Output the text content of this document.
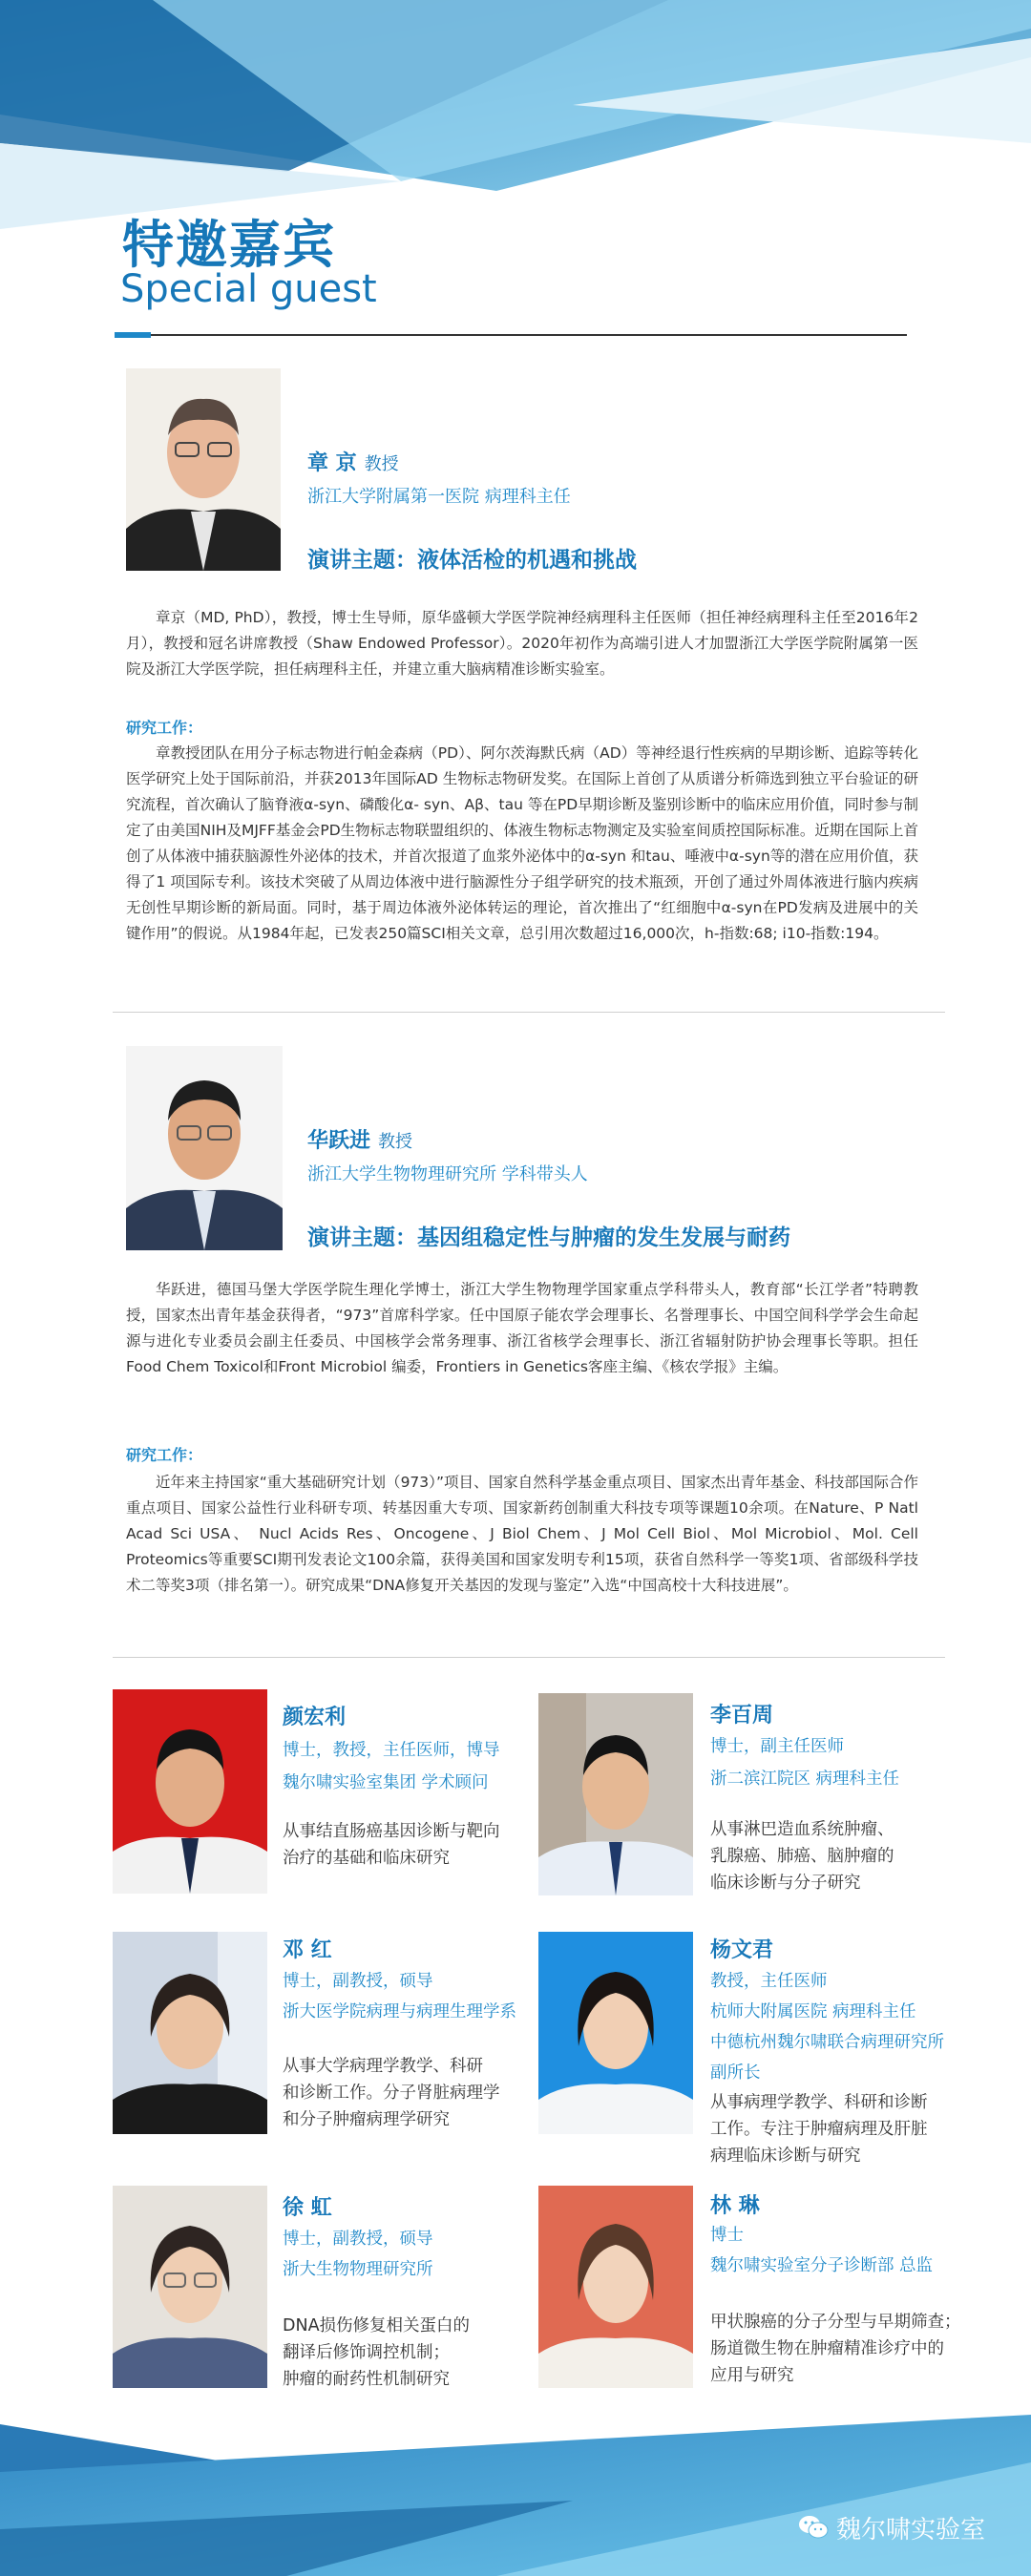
特邀嘉宾
Special guest
章 京 教授
浙江大学附属第一医院 病理科主任
演讲主题：液体活检的机遇和挑战
章京（MD, PhD），教授，博士生导师，原华盛顿大学医学院神经病理科主任医师（担任神经病理科主任至2016年2月），教授和冠名讲席教授（Shaw Endowed Professor）。2020年初作为高端引进人才加盟浙江大学医学院附属第一医院及浙江大学医学院，担任病理科主任，并建立重大脑病精准诊断实验室。
研究工作：
章教授团队在用分子标志物进行帕金森病（PD）、阿尔茨海默氏病（AD）等神经退行性疾病的早期诊断、追踪等转化医学研究上处于国际前沿，并获2013年国际AD 生物标志物研发奖。在国际上首创了从质谱分析筛选到独立平台验证的研究流程，首次确认了脑脊液α-syn、磷酸化α- syn、Aβ、tau 等在PD早期诊断及鉴别诊断中的临床应用价值，同时参与制定了由美国NIH及MJFF基金会PD生物标志物联盟组织的、体液生物标志物测定及实验室间质控国际标准。近期在国际上首创了从体液中捕获脑源性外泌体的技术，并首次报道了血浆外泌体中的α-syn 和tau、唾液中α-syn等的潜在应用价值，获得了1 项国际专利。该技术突破了从周边体液中进行脑源性分子组学研究的技术瓶颈，开创了通过外周体液进行脑内疾病无创性早期诊断的新局面。同时，基于周边体液外泌体转运的理论，首次推出了“红细胞中α-syn在PD发病及进展中的关键作用”的假说。从1984年起，已发表250篇SCI相关文章，总引用次数超过16,000次，h-指数:68; i10-指数:194。
华跃进 教授
浙江大学生物物理研究所 学科带头人
演讲主题：基因组稳定性与肿瘤的发生发展与耐药
华跃进，德国马堡大学医学院生理化学博士，浙江大学生物物理学国家重点学科带头人，教育部“长江学者”特聘教授，国家杰出青年基金获得者，“973”首席科学家。任中国原子能农学会理事长、名誉理事长、中国空间科学学会生命起源与进化专业委员会副主任委员、中国核学会常务理事、浙江省核学会理事长、浙江省辐射防护协会理事长等职。担任Food Chem Toxicol和Front Microbiol 编委，Frontiers in Genetics客座主编、《核农学报》主编。
研究工作：
近年来主持国家“重大基础研究计划（973）”项目、国家自然科学基金重点项目、国家杰出青年基金、科技部国际合作重点项目、国家公益性行业科研专项、转基因重大专项、国家新药创制重大科技专项等课题10余项。在Nature、P Natl Acad Sci USA、 Nucl Acids Res、Oncogene、J Biol Chem、J Mol Cell Biol、Mol Microbiol、Mol. Cell Proteomics等重要SCI期刊发表论文100余篇，获得美国和国家发明专利15项，获省自然科学一等奖1项、省部级科学技术二等奖3项（排名第一）。研究成果“DNA修复开关基因的发现与鉴定”入选“中国高校十大科技进展”。
颜宏利
博士，教授，主任医师，博导
魏尔啸实验室集团 学术顾问
从事结直肠癌基因诊断与靶向
治疗的基础和临床研究
李百周
博士，副主任医师
浙二滨江院区 病理科主任
从事淋巴造血系统肿瘤、
乳腺癌、肺癌、脑肿瘤的
临床诊断与分子研究
邓 红
博士，副教授，硕导
浙大医学院病理与病理生理学系
从事大学病理学教学、科研
和诊断工作。分子肾脏病理学
和分子肿瘤病理学研究
杨文君
教授，主任医师
杭师大附属医院 病理科主任
中德杭州魏尔啸联合病理研究所
副所长
从事病理学教学、科研和诊断
工作。专注于肿瘤病理及肝脏
病理临床诊断与研究
徐 虹
博士，副教授，硕导
浙大生物物理研究所
DNA损伤修复相关蛋白的
翻译后修饰调控机制；
肿瘤的耐药性机制研究
林 琳
博士
魏尔啸实验室分子诊断部 总监
甲状腺癌的分子分型与早期筛查；
肠道微生物在肿瘤精准诊疗中的
应用与研究
魏尔啸实验室
